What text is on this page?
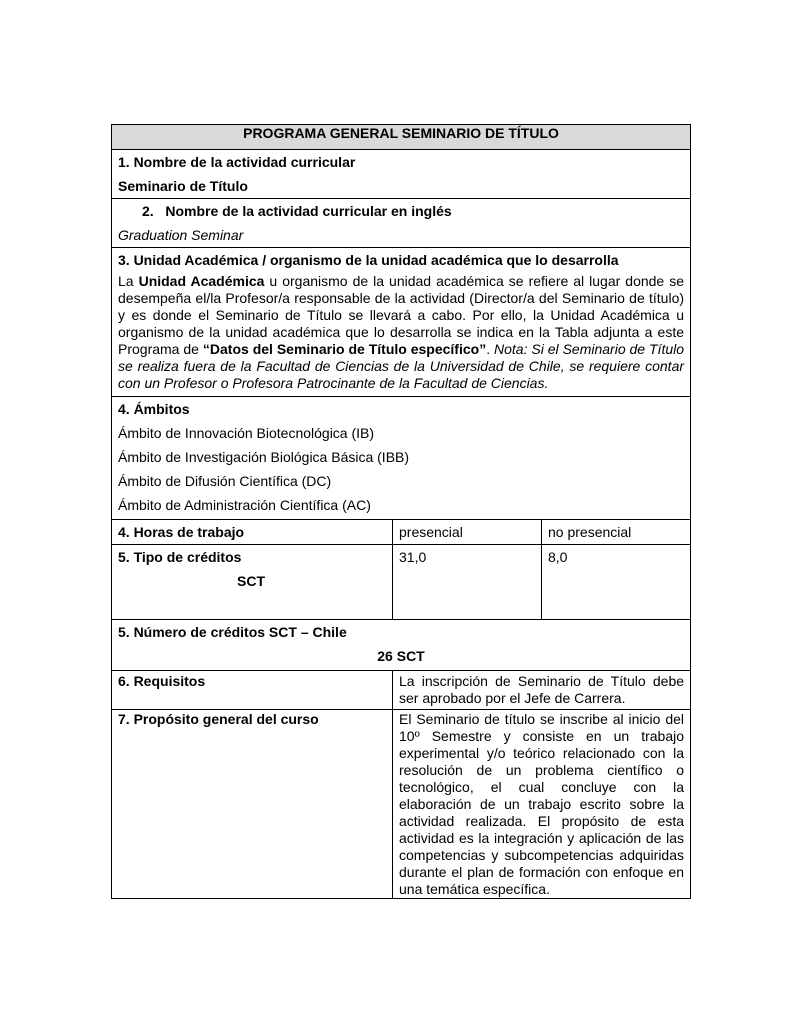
PROGRAMA GENERAL SEMINARIO DE TÍTULO		

1. Nombre de la actividad curricular
Seminario de Título		

2.   Nombre de la actividad curricular en inglés
Graduation Seminar		

3. Unidad Académica / organismo de la unidad académica que lo desarrolla

La Unidad Académica u organismo de la unidad académica se refiere al lugar donde se desempeña el/la Profesor/a responsable de la actividad (Director/a del Seminario de título) y es donde el Seminario de Título se llevará a cabo. Por ello, la Unidad Académica u organismo de la unidad académica que lo desarrolla se indica en la Tabla adjunta a este Programa de “Datos del Seminario de Título específico”. Nota: Si el Seminario de Título se realiza fuera de la Facultad de Ciencias de la Universidad de Chile, se requiere contar con un Profesor o Profesora Patrocinante de la Facultad de Ciencias.		

4. Ámbitos
Ámbito de Innovación Biotecnológica (IB)
Ámbito de Investigación Biológica Básica (IBB)
Ámbito de Difusión Científica (DC)
Ámbito de Administración Científica (AC)		

4. Horas de trabajo	presencial	no presencial

5. Tipo de créditos
SCT	31,0	8,0

5. Número de créditos SCT – Chile
26 SCT		

6. Requisitos	La inscripción de Seminario de Título debe ser aprobado por el Jefe de Carrera.	

7. Propósito general del curso	El Seminario de título se inscribe al inicio del 10º Semestre y consiste en un trabajo experimental y/o teórico relacionado con la resolución de un problema científico o tecnológico, el cual concluye con la elaboración de un trabajo escrito sobre la actividad realizada. El propósito de esta actividad es la integración y aplicación de las competencias y subcompetencias adquiridas durante el plan de formación con enfoque en una temática específica.	
